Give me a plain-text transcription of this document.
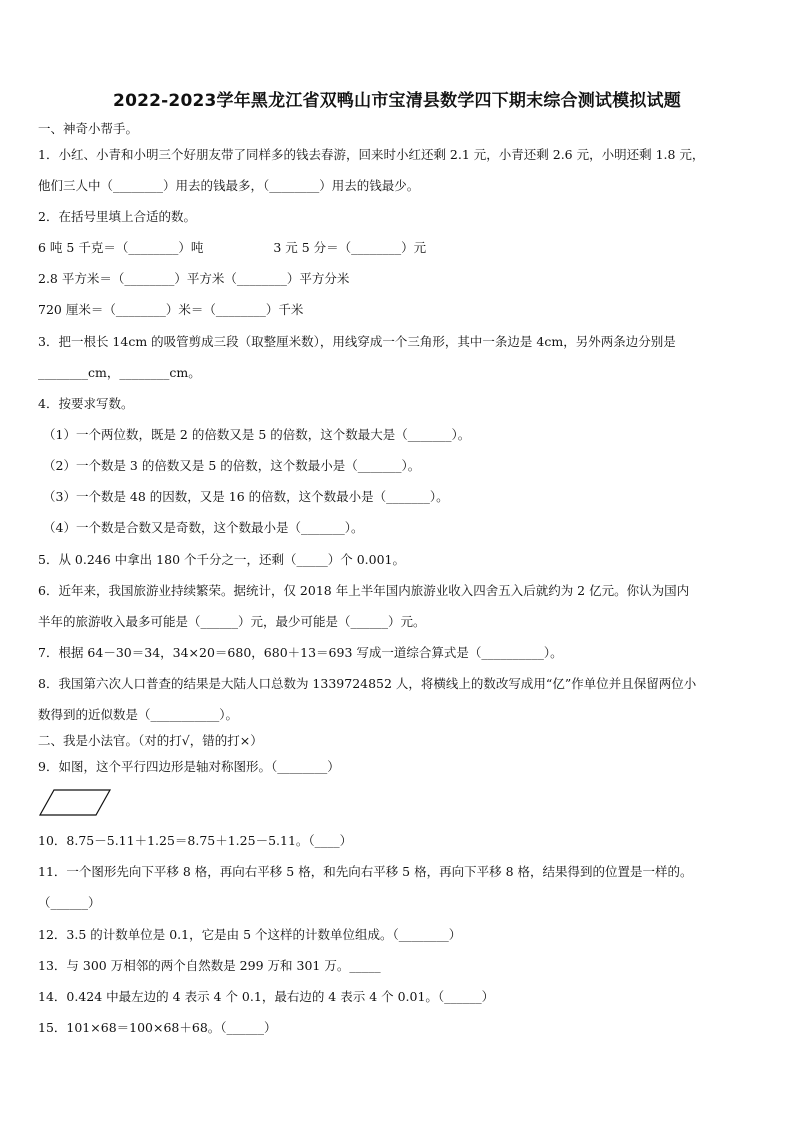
2022-2023学年黑龙江省双鸭山市宝清县数学四下期末综合测试模拟试题
一、神奇小帮手。
1．小红、小青和小明三个好朋友带了同样多的钱去春游，回来时小红还剩 2.1 元，小青还剩 2.6 元，小明还剩 1.8 元，
他们三人中（________）用去的钱最多，（________）用去的钱最少。
2．在括号里填上合适的数。
6 吨 5 千克＝（________）吨	3 元 5 分＝（________）元
2.8 平方米＝（________）平方米（________）平方分米
720 厘米＝（________）米＝（________）千米
3．把一根长 14cm 的吸管剪成三段（取整厘米数），用线穿成一个三角形，其中一条边是 4cm，另外两条边分别是
________cm，________cm。
4．按要求写数。
（1）一个两位数，既是 2 的倍数又是 5 的倍数，这个数最大是（_______）。
（2）一个数是 3 的倍数又是 5 的倍数，这个数最小是（_______）。
（3）一个数是 48 的因数，又是 16 的倍数，这个数最小是（_______）。
（4）一个数是合数又是奇数，这个数最小是（_______）。
5．从 0.246 中拿出 180 个千分之一，还剩（_____）个 0.001。
6．近年来，我国旅游业持续繁荣。据统计，仅 2018 年上半年国内旅游业收入四舍五入后就约为 2 亿元。你认为国内
半年的旅游收入最多可能是（______）元，最少可能是（______）元。
7．根据 64－30＝34，34×20＝680，680＋13＝693 写成一道综合算式是（__________）。
8．我国第六次人口普查的结果是大陆人口总数为 1339724852 人，将横线上的数改写成用“亿”作单位并且保留两位小
数得到的近似数是（___________）。
二、我是小法官。（对的打√，错的打×）
9．如图，这个平行四边形是轴对称图形。（________）
10．8.75－5.11＋1.25＝8.75＋1.25－5.11。（____）
11．一个图形先向下平移 8 格，再向右平移 5 格，和先向右平移 5 格，再向下平移 8 格，结果得到的位置是一样的。
（______）
12．3.5 的计数单位是 0.1，它是由 5 个这样的计数单位组成。（________）
13．与 300 万相邻的两个自然数是 299 万和 301 万。_____
14．0.424 中最左边的 4 表示 4 个 0.1，最右边的 4 表示 4 个 0.01。（______）
15．101×68＝100×68＋68。（______）
